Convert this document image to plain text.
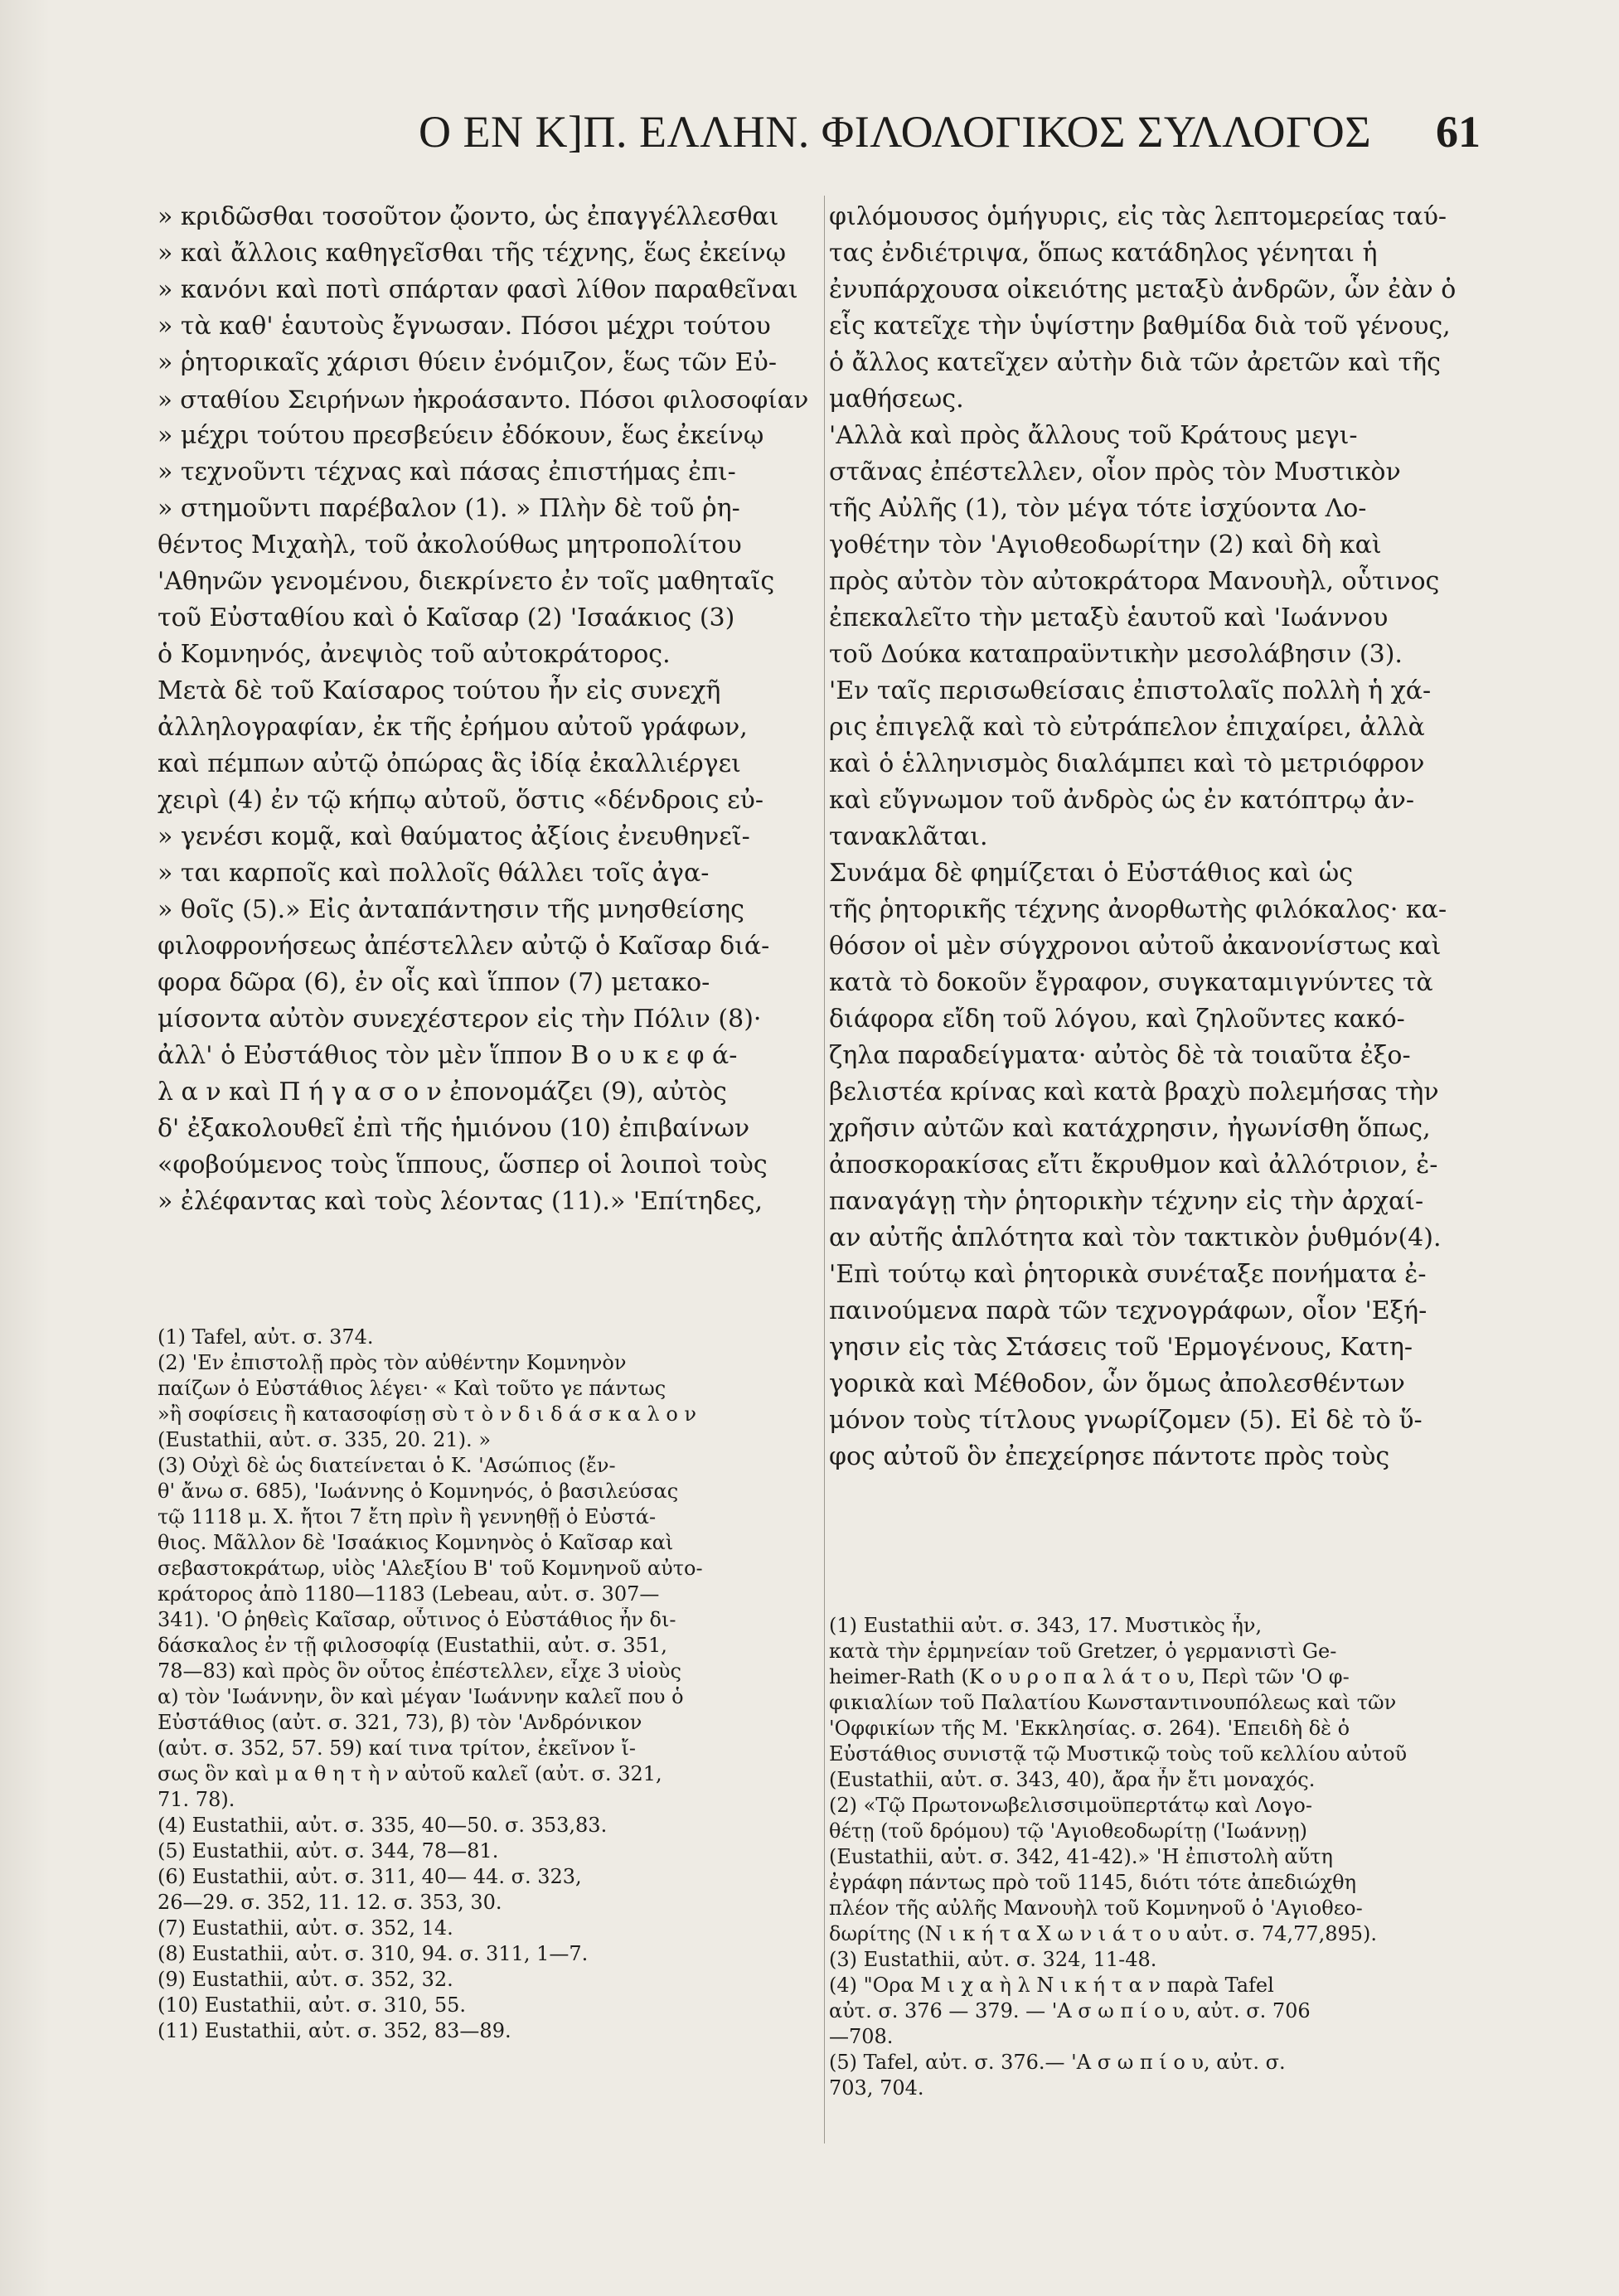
Ο ΕΝ Κ]Π. ΕΛΛΗΝ. ΦΙΛΟΛΟΓΙΚΟΣ ΣΥΛΛΟΓΟΣ 61
» κριδῶσθαι τοσοῦτον ᾤοντο, ὡς ἐπαγγέλλεσθαι
» καὶ ἄλλοις καθηγεῖσθαι τῆς τέχνης, ἕως ἐκείνῳ
» κανόνι καὶ ποτὶ σπάρταν φασὶ λίθον παραθεῖναι
» τὰ καθ' ἑαυτοὺς ἔγνωσαν. Πόσοι μέχρι τούτου
» ῥητορικαῖς χάρισι θύειν ἐνόμιζον, ἕως τῶν Εὐ-
» σταθίου Σειρήνων ἠκροάσαντο. Πόσοι φιλοσοφίαν
» μέχρι τούτου πρεσβεύειν ἐδόκουν, ἕως ἐκείνῳ
» τεχνοῦντι τέχνας καὶ πάσας ἐπιστήμας ἐπι-
» στημοῦντι παρέβαλον (1). » Πλὴν δὲ τοῦ ῥη-
θέντος Μιχαὴλ, τοῦ ἀκολούθως μητροπολίτου
'Αθηνῶν γενομένου, διεκρίνετο ἐν τοῖς μαθηταῖς
τοῦ Εὐσταθίου καὶ ὁ Καῖσαρ (2) 'Ισαάκιος (3)
ὁ Κομνηνός, ἀνεψιὸς τοῦ αὐτοκράτορος.
Μετὰ δὲ τοῦ Καίσαρος τούτου ἦν εἰς συνεχῆ
ἀλληλογραφίαν, ἐκ τῆς ἐρήμου αὐτοῦ γράφων,
καὶ πέμπων αὐτῷ ὀπώρας ἃς ἰδίᾳ ἐκαλλιέργει
χειρὶ (4) ἐν τῷ κήπῳ αὐτοῦ, ὅστις «δένδροις εὐ-
» γενέσι κομᾷ, καὶ θαύματος ἀξίοις ἐνευθηνεῖ-
» ται καρποῖς καὶ πολλοῖς θάλλει τοῖς ἀγα-
» θοῖς (5).» Εἰς ἀνταπάντησιν τῆς μνησθείσης
φιλοφρονήσεως ἀπέστελλεν αὐτῷ ὁ Καῖσαρ διά-
φορα δῶρα (6), ἐν οἷς καὶ ἵππον (7) μετακο-
μίσοντα αὐτὸν συνεχέστερον εἰς τὴν Πόλιν (8)·
ἀλλ' ὁ Εὐστάθιος τὸν μὲν ἵππον Β ο υ κ ε φ ά-
λ α ν καὶ Π ή γ α σ ο ν ἐπονομάζει (9), αὐτὸς
δ' ἐξακολουθεῖ ἐπὶ τῆς ἡμιόνου (10) ἐπιβαίνων
«φοβούμενος τοὺς ἵππους, ὥσπερ οἱ λοιποὶ τοὺς
» ἐλέφαντας καὶ τοὺς λέοντας (11).» 'Επίτηδες,
(1) Tafel, αὐτ. σ. 374.
(2) 'Εν ἐπιστολῇ πρὸς τὸν αὐθέντην Κομνηνὸν
παίζων ὁ Εὐστάθιος λέγει· « Καὶ τοῦτο γε πάντως
»ἢ σοφίσεις ἢ κατασοφίσῃ σὺ τ ὸ ν δ ι δ ά σ κ α λ ο ν
(Eustathii, αὐτ. σ. 335, 20. 21). »
(3) Οὐχὶ δὲ ὡς διατείνεται ὁ Κ. 'Ασώπιος (ἔν-
θ' ἄνω σ. 685), 'Ιωάννης ὁ Κομνηνός, ὁ βασιλεύσας
τῷ 1118 μ. Χ. ἤτοι 7 ἔτη πρὶν ἢ γεννηθῇ ὁ Εὐστά-
θιος. Μᾶλλον δὲ 'Ισαάκιος Κομνηνὸς ὁ Καῖσαρ καὶ
σεβαστοκράτωρ, υἱὸς 'Αλεξίου Β' τοῦ Κομνηνοῦ αὐτο-
κράτορος ἀπὸ 1180—1183 (Lebeau, αὐτ. σ. 307—
341). 'Ο ῥηθεὶς Καῖσαρ, οὗτινος ὁ Εὐστάθιος ἦν δι-
δάσκαλος ἐν τῇ φιλοσοφίᾳ (Eustathii, αὐτ. σ. 351,
78—83) καὶ πρὸς ὃν οὗτος ἐπέστελλεν, εἶχε 3 υἱοὺς
α) τὸν 'Ιωάννην, ὃν καὶ μέγαν 'Ιωάννην καλεῖ που ὁ
Εὐστάθιος (αὐτ. σ. 321, 73), β) τὸν 'Ανδρόνικον
(αὐτ. σ. 352, 57. 59) καί τινα τρίτον, ἐκεῖνον ἴ-
σως ὃν καὶ μ α θ η τ ὴ ν αὐτοῦ καλεῖ (αὐτ. σ. 321,
71. 78).
(4) Eustathii, αὐτ. σ. 335, 40—50. σ. 353,83.
(5) Eustathii, αὐτ. σ. 344, 78—81.
(6) Eustathii, αὐτ. σ. 311, 40— 44. σ. 323,
26—29. σ. 352, 11. 12. σ. 353, 30.
(7) Eustathii, αὐτ. σ. 352, 14.
(8) Eustathii, αὐτ. σ. 310, 94. σ. 311, 1—7.
(9) Eustathii, αὐτ. σ. 352, 32.
(10) Eustathii, αὐτ. σ. 310, 55.
(11) Eustathii, αὐτ. σ. 352, 83—89.
φιλόμουσος ὁμήγυρις, εἰς τὰς λεπτομερείας ταύ-
τας ἐνδιέτριψα, ὅπως κατάδηλος γένηται ἡ
ἐνυπάρχουσα οἰκειότης μεταξὺ ἀνδρῶν, ὧν ἐὰν ὁ
εἷς κατεῖχε τὴν ὑψίστην βαθμίδα διὰ τοῦ γένους,
ὁ ἄλλος κατεῖχεν αὐτὴν διὰ τῶν ἀρετῶν καὶ τῆς
μαθήσεως.
'Αλλὰ καὶ πρὸς ἄλλους τοῦ Κράτους μεγι-
στᾶνας ἐπέστελλεν, οἷον πρὸς τὸν Μυστικὸν
τῆς Αὐλῆς (1), τὸν μέγα τότε ἰσχύοντα Λο-
γοθέτην τὸν 'Αγιοθεοδωρίτην (2) καὶ δὴ καὶ
πρὸς αὐτὸν τὸν αὐτοκράτορα Μανουὴλ, οὗτινος
ἐπεκαλεῖτο τὴν μεταξὺ ἑαυτοῦ καὶ 'Ιωάννου
τοῦ Δούκα καταπραϋντικὴν μεσολάβησιν (3).
'Εν ταῖς περισωθείσαις ἐπιστολαῖς πολλὴ ἡ χά-
ρις ἐπιγελᾷ καὶ τὸ εὐτράπελον ἐπιχαίρει, ἀλλὰ
καὶ ὁ ἑλληνισμὸς διαλάμπει καὶ τὸ μετριόφρον
καὶ εὔγνωμον τοῦ ἀνδρὸς ὡς ἐν κατόπτρῳ ἀν-
τανακλᾶται.
Συνάμα δὲ φημίζεται ὁ Εὐστάθιος καὶ ὡς
τῆς ῥητορικῆς τέχνης ἀνορθωτὴς φιλόκαλος· κα-
θόσον οἱ μὲν σύγχρονοι αὐτοῦ ἀκανονίστως καὶ
κατὰ τὸ δοκοῦν ἔγραφον, συγκαταμιγνύντες τὰ
διάφορα εἴδη τοῦ λόγου, καὶ ζηλοῦντες κακό-
ζηλα παραδείγματα· αὐτὸς δὲ τὰ τοιαῦτα ἐξο-
βελιστέα κρίνας καὶ κατὰ βραχὺ πολεμήσας τὴν
χρῆσιν αὐτῶν καὶ κατάχρησιν, ἠγωνίσθη ὅπως,
ἀποσκορακίσας εἴτι ἔκρυθμον καὶ ἀλλότριον, ἐ-
παναγάγῃ τὴν ῥητορικὴν τέχνην εἰς τὴν ἀρχαί-
αν αὐτῆς ἁπλότητα καὶ τὸν τακτικὸν ῥυθμόν(4).
'Επὶ τούτῳ καὶ ῥητορικὰ συνέταξε πονήματα ἐ-
παινούμενα παρὰ τῶν τεχνογράφων, οἷον 'Εξή-
γησιν εἰς τὰς Στάσεις τοῦ 'Ερμογένους, Κατη-
γορικὰ καὶ Μέθοδον, ὧν ὅμως ἀπολεσθέντων
μόνον τοὺς τίτλους γνωρίζομεν (5). Εἰ δὲ τὸ ὕ-
φος αὐτοῦ ὃν ἐπεχείρησε πάντοτε πρὸς τοὺς
(1) Eustathii αὐτ. σ. 343, 17. Μυστικὸς ἦν,
κατὰ τὴν ἑρμηνείαν τοῦ Gretzer, ὁ γερμανιστὶ Ge-
heimer-Rath (Κ ο υ ρ ο π α λ ά τ ο υ, Περὶ τῶν 'Ο φ-
φικιαλίων τοῦ Παλατίου Κωνσταντινουπόλεως καὶ τῶν
'Οφφικίων τῆς Μ. 'Εκκλησίας. σ. 264). 'Επειδὴ δὲ ὁ
Εὐστάθιος συνιστᾷ τῷ Μυστικῷ τοὺς τοῦ κελλίου αὐτοῦ
(Eustathii, αὐτ. σ. 343, 40), ἄρα ἦν ἔτι μοναχός.
(2) «Τῷ Πρωτονωβελισσιμοϋπερτάτῳ καὶ Λογο-
θέτῃ (τοῦ δρόμου) τῷ 'Αγιοθεοδωρίτῃ ('Ιωάννῃ)
(Eustathii, αὐτ. σ. 342, 41-42).» 'Η ἐπιστολὴ αὕτη
ἐγράφη πάντως πρὸ τοῦ 1145, διότι τότε ἀπεδιώχθη
πλέον τῆς αὐλῆς Μανουὴλ τοῦ Κομνηνοῦ ὁ 'Αγιοθεο-
δωρίτης (Ν ι κ ή τ α Χ ω ν ι ά τ ο υ αὐτ. σ. 74,77,895).
(3) Eustathii, αὐτ. σ. 324, 11-48.
(4) "Ορα Μ ι χ α ὴ λ Ν ι κ ή τ α ν παρὰ Tafel
αὐτ. σ. 376 — 379. — 'Α σ ω π ί ο υ, αὐτ. σ. 706
—708.
(5) Tafel, αὐτ. σ. 376.— 'Α σ ω π ί ο υ, αὐτ. σ.
703, 704.
